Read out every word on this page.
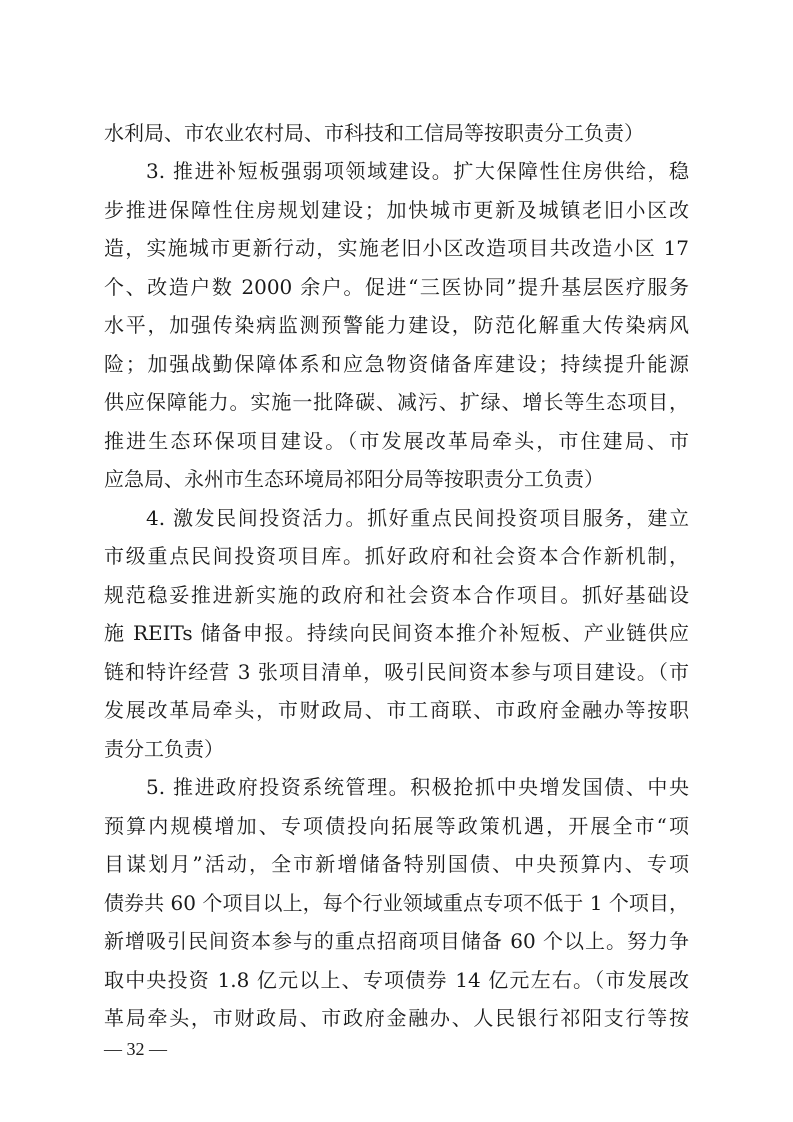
水利局、市农业农村局、市科技和工信局等按职责分工负责）
3. 推进补短板强弱项领域建设。扩大保障性住房供给，稳
步推进保障性住房规划建设；加快城市更新及城镇老旧小区改
造，实施城市更新行动，实施老旧小区改造项目共改造小区 17
个、改造户数 2000 余户。促进“三医协同”提升基层医疗服务
水平，加强传染病监测预警能力建设，防范化解重大传染病风
险；加强战勤保障体系和应急物资储备库建设；持续提升能源
供应保障能力。实施一批降碳、减污、扩绿、增长等生态项目，
推进生态环保项目建设。（市发展改革局牵头，市住建局、市
应急局、永州市生态环境局祁阳分局等按职责分工负责）
4. 激发民间投资活力。抓好重点民间投资项目服务，建立
市级重点民间投资项目库。抓好政府和社会资本合作新机制，
规范稳妥推进新实施的政府和社会资本合作项目。抓好基础设
施 REITs 储备申报。持续向民间资本推介补短板、产业链供应
链和特许经营 3 张项目清单，吸引民间资本参与项目建设。（市
发展改革局牵头，市财政局、市工商联、市政府金融办等按职
责分工负责）
5. 推进政府投资系统管理。积极抢抓中央增发国债、中央
预算内规模增加、专项债投向拓展等政策机遇，开展全市“项
目谋划月”活动，全市新增储备特别国债、中央预算内、专项
债券共 60 个项目以上，每个行业领域重点专项不低于 1 个项目，
新增吸引民间资本参与的重点招商项目储备 60 个以上。努力争
取中央投资 1.8 亿元以上、专项债券 14 亿元左右。（市发展改
革局牵头，市财政局、市政府金融办、人民银行祁阳支行等按
— 32 —
